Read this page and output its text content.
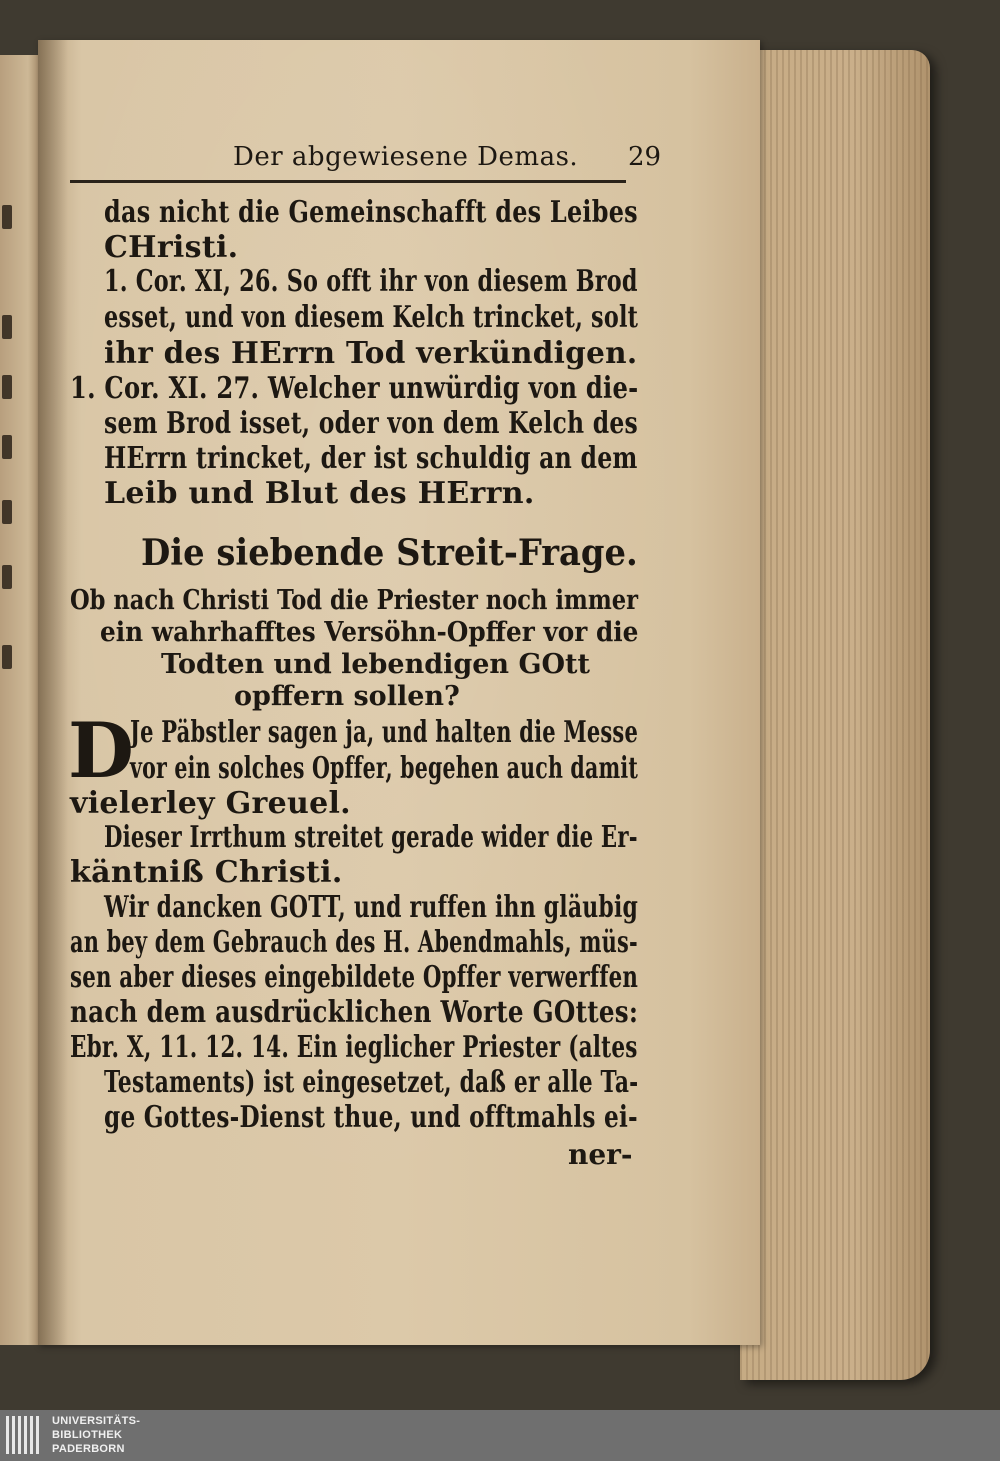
Der abgewiesene Demas. 29
das nicht die Gemeinschafft des Leibes
CHristi.
1. Cor. XI, 26. So offt ihr von diesem Brod
esset, und von diesem Kelch trincket, solt
ihr des HErrn Tod verkündigen.
1. Cor. XI. 27. Welcher unwürdig von die-
sem Brod isset, oder von dem Kelch des
HErrn trincket, der ist schuldig an dem
Leib und Blut des HErrn.
Die siebende Streit-Frage.
Ob nach Christi Tod die Priester noch immer
ein wahrhafftes Versöhn-Opffer vor die
Todten und lebendigen GOtt
opffern sollen?
D
Je Päbstler sagen ja, und halten die Messe
vor ein solches Opffer, begehen auch damit
vielerley Greuel.
Dieser Irrthum streitet gerade wider die Er-
käntniß Christi.
Wir dancken GOTT, und ruffen ihn gläubig
an bey dem Gebrauch des H. Abendmahls, müs-
sen aber dieses eingebildete Opffer verwerffen
nach dem ausdrücklichen Worte GOttes:
Ebr. X, 11. 12. 14. Ein ieglicher Priester (altes
Testaments) ist eingesetzet, daß er alle Ta-
ge Gottes-Dienst thue, und offtmahls ei-
ner-
UNIVERSITÄTS-
BIBLIOTHEK
PADERBORN
